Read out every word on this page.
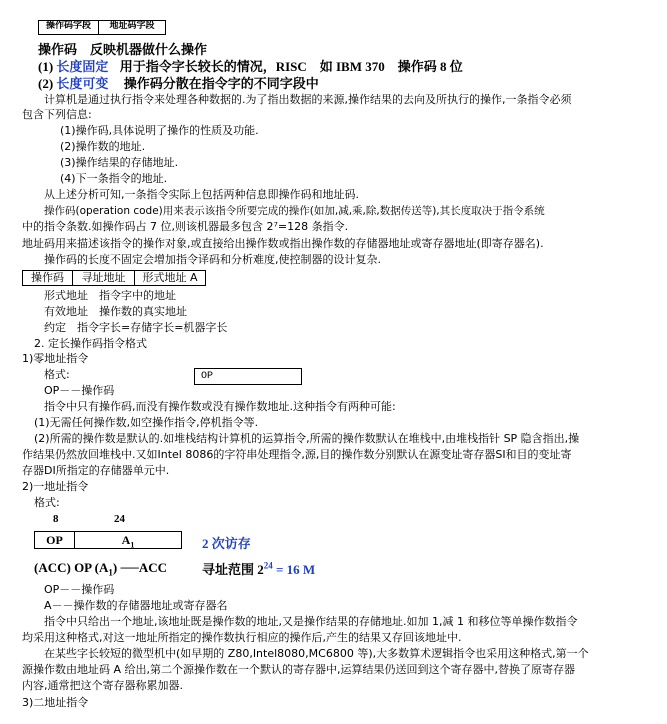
操作码字段	地址码字段
操作码　反映机器做什么操作
(1) 长度固定 用于指令字长较长的情况，RISC　如 IBM 370　操作码 8 位
(2) 长度可变 操作码分散在指令字的不同字段中
计算机是通过执行指令来处理各种数据的.为了指出数据的来源,操作结果的去向及所执行的操作,一条指令必须
包含下列信息:
(1)操作码,具体说明了操作的性质及功能.
(2)操作数的地址.
(3)操作结果的存储地址.
(4)下一条指令的地址.
从上述分析可知,一条指令实际上包括两种信息即操作码和地址码.
操作码(operation code)用来表示该指令所要完成的操作(如加,减,乘,除,数据传送等),其长度取决于指令系统
中的指令条数.如操作码占 7 位,则该机器最多包含 2⁷=128 条指令.
地址码用来描述该指令的操作对象,或直接给出操作数或指出操作数的存储器地址或寄存器地址(即寄存器名).
操作码的长度不固定会增加指令译码和分析难度,使控制器的设计复杂.
操作码	寻址地址	形式地址 A
形式地址　指令字中的地址
有效地址　操作数的真实地址
约定　指令字长=存储字长=机器字长
2. 定长操作码指令格式
1)零地址指令
格式:	OP
OP－－操作码
指令中只有操作码,而没有操作数或没有操作数地址.这种指令有两种可能:
(1)无需任何操作数,如空操作指令,停机指令等.
(2)所需的操作数是默认的.如堆栈结构计算机的运算指令,所需的操作数默认在堆栈中,由堆栈指针 SP 隐含指出,操
作结果仍然放回堆栈中.又如Intel 8086的字符串处理指令,源,目的操作数分别默认在源变址寄存器SI和目的变址寄
存器DI所指定的存储器单元中.
2)一地址指令
格式:
8	24
OP	$A_1$	2 次访存
(ACC) OP $(A_1)$ ──ACC	寻址范围 $2^{24} = 16$ M
OP－－操作码
A－－操作数的存储器地址或寄存器名
指令中只给出一个地址,该地址既是操作数的地址,又是操作结果的存储地址.如加 1,减 1 和移位等单操作数指令
均采用这种格式,对这一地址所指定的操作数执行相应的操作后,产生的结果又存回该地址中.
在某些字长较短的微型机中(如早期的 Z80,Intel8080,MC6800 等),大多数算术逻辑指令也采用这种格式,第一个
源操作数由地址码 A 给出,第二个源操作数在一个默认的寄存器中,运算结果仍送回到这个寄存器中,替换了原寄存器
内容,通常把这个寄存器称累加器.
3)二地址指令
